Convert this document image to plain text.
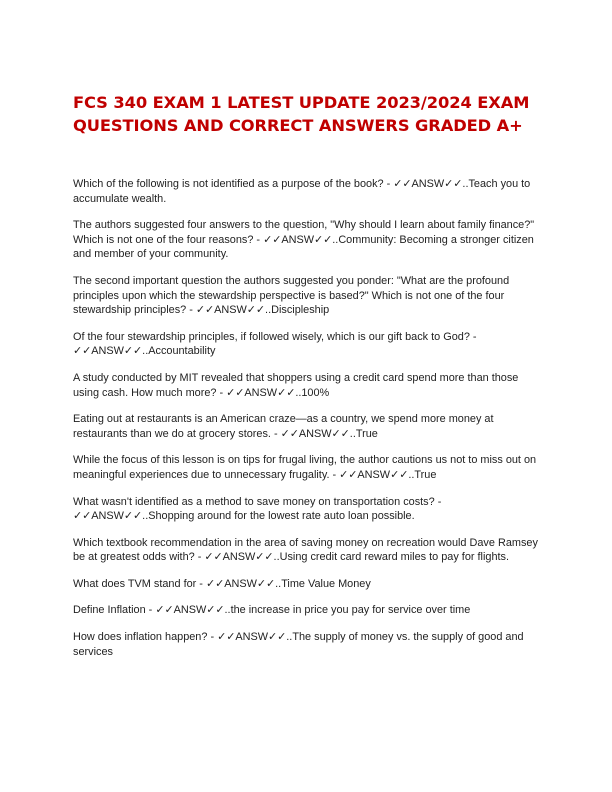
FCS 340 EXAM 1 LATEST UPDATE 2023/2024 EXAM QUESTIONS AND CORRECT ANSWERS GRADED A+
Which of the following is not identified as a purpose of the book? - ✓✓ANSW✓✓..Teach you to accumulate wealth.
The authors suggested four answers to the question, "Why should I learn about family finance?" Which is not one of the four reasons? - ✓✓ANSW✓✓..Community: Becoming a stronger citizen and member of your community.
The second important question the authors suggested you ponder: "What are the profound principles upon which the stewardship perspective is based?" Which is not one of the four stewardship principles? - ✓✓ANSW✓✓..Discipleship
Of the four stewardship principles, if followed wisely, which is our gift back to God? - ✓✓ANSW✓✓..Accountability
A study conducted by MIT revealed that shoppers using a credit card spend more than those using cash. How much more? - ✓✓ANSW✓✓..100%
Eating out at restaurants is an American craze—as a country, we spend more money at restaurants than we do at grocery stores. - ✓✓ANSW✓✓..True
While the focus of this lesson is on tips for frugal living, the author cautions us not to miss out on meaningful experiences due to unnecessary frugality. - ✓✓ANSW✓✓..True
What wasn't identified as a method to save money on transportation costs? - ✓✓ANSW✓✓..Shopping around for the lowest rate auto loan possible.
Which textbook recommendation in the area of saving money on recreation would Dave Ramsey be at greatest odds with? - ✓✓ANSW✓✓..Using credit card reward miles to pay for flights.
What does TVM stand for - ✓✓ANSW✓✓..Time Value Money
Define Inflation - ✓✓ANSW✓✓..the increase in price you pay for service over time
How does inflation happen? - ✓✓ANSW✓✓..The supply of money vs. the supply of good and services
